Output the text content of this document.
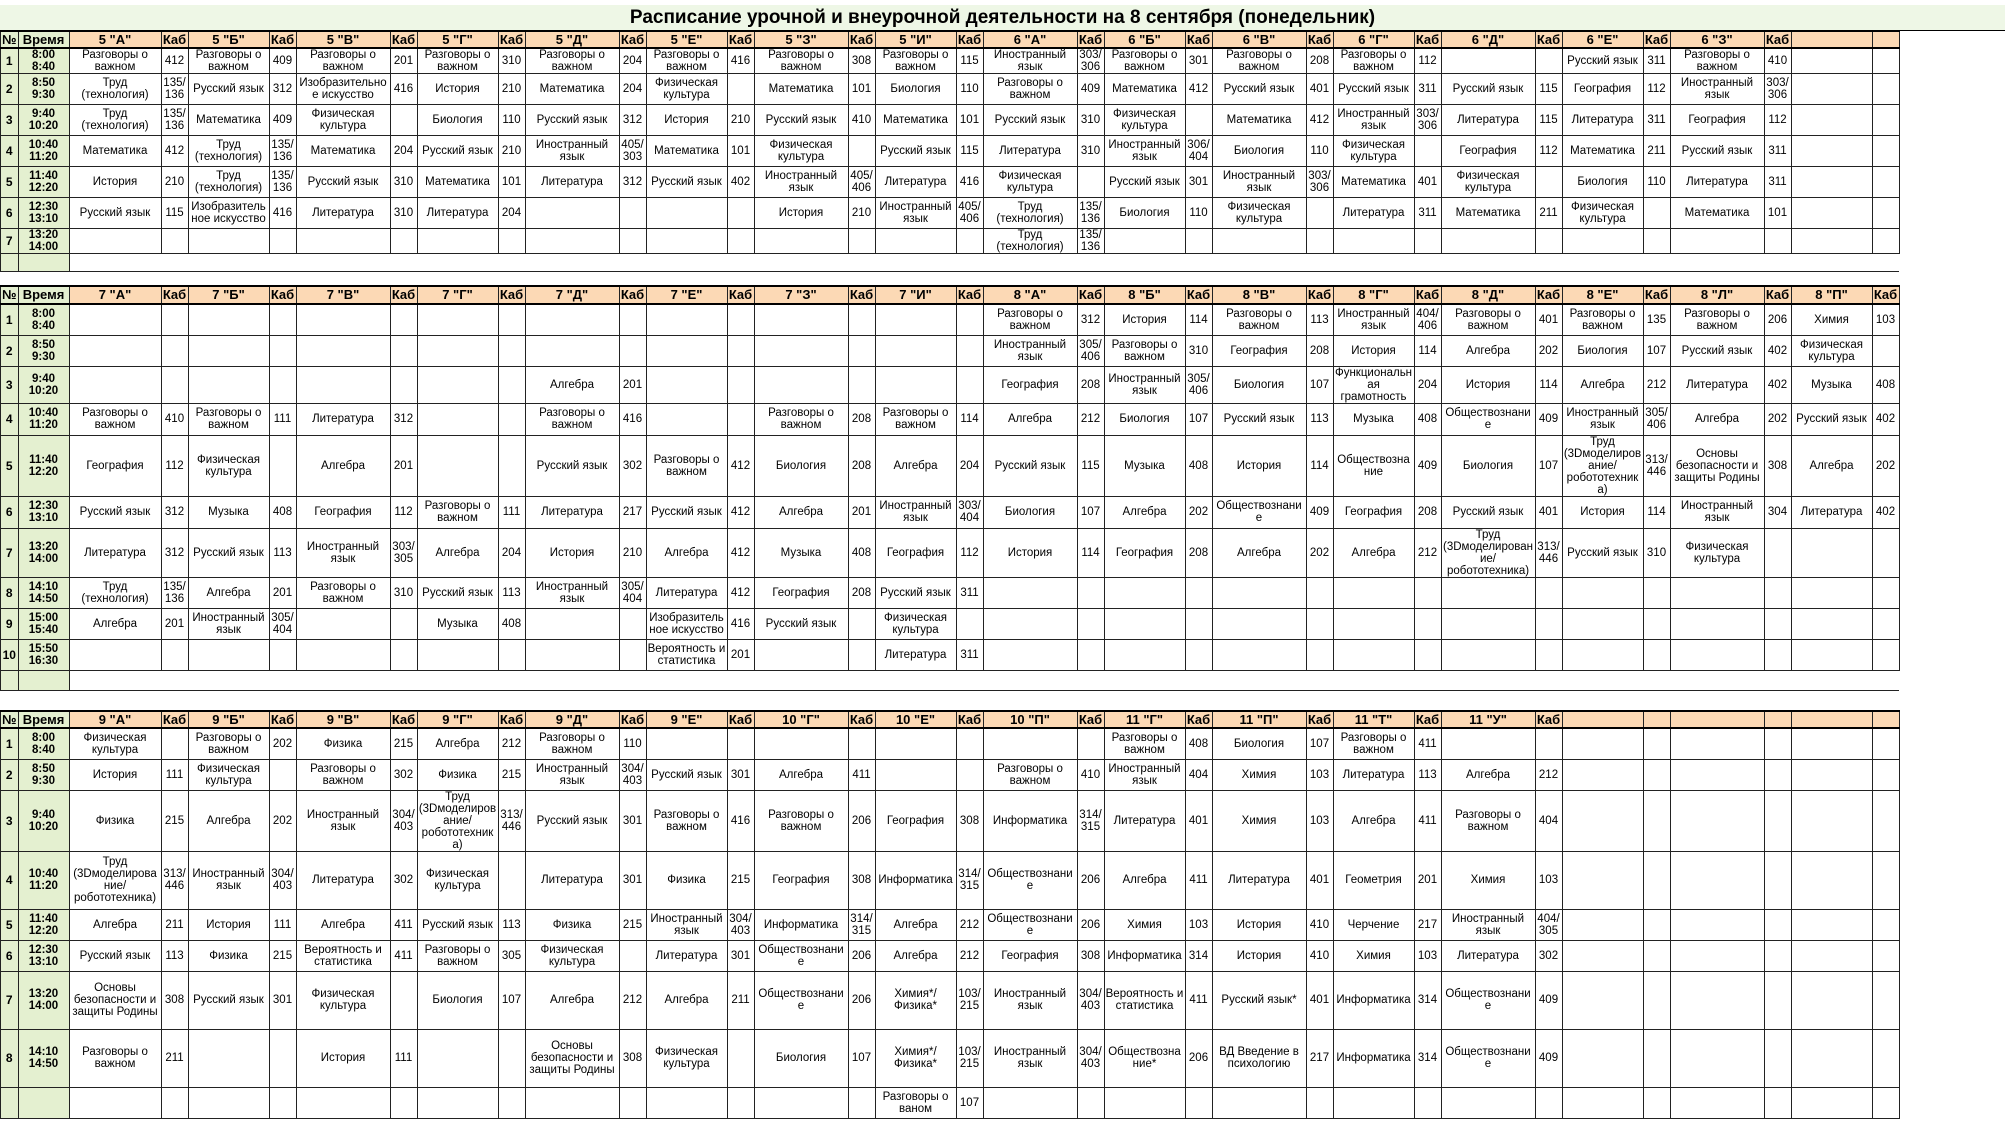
Расписание урочной и внеурочной деятельности на 8 сентября (понедельник)
№	Время	5 "А"	Каб	5 "Б"	Каб	5 "В"	Каб	5 "Г"	Каб	5 "Д"	Каб	5 "Е"	Каб	5 "З"	Каб	5 "И"	Каб	6 "А"	Каб	6 "Б"	Каб	6 "В"	Каб	6 "Г"	Каб	6 "Д"	Каб	6 "Е"	Каб	6 "З"	Каб		
1	8:00 8:40	Разговоры о важном	412	Разговоры о важном	409	Разговоры о важном	201	Разговоры о важном	310	Разговоры о важном	204	Разговоры о важном	416	Разговоры о важном	308	Разговоры о важном	115	Иностранный язык	303/ 306	Разговоры о важном	301	Разговоры о важном	208	Разговоры о важном	112			Русский язык	311	Разговоры о важном	410		
2	8:50 9:30	Труд (технология)	135/ 136	Русский язык	312	Изобразительное искусство	416	История	210	Математика	204	Физическая культура		Математика	101	Биология	110	Разговоры о важном	409	Математика	412	Русский язык	401	Русский язык	311	Русский язык	115	География	112	Иностранный язык	303/ 306		
3	9:40 10:20	Труд (технология)	135/ 136	Математика	409	Физическая культура		Биология	110	Русский язык	312	История	210	Русский язык	410	Математика	101	Русский язык	310	Физическая культура		Математика	412	Иностранный язык	303/ 306	Литература	115	Литература	311	География	112		
4	10:40 11:20	Математика	412	Труд (технология)	135/ 136	Математика	204	Русский язык	210	Иностранный язык	405/ 303	Математика	101	Физическая культура		Русский язык	115	Литература	310	Иностранный язык	306/ 404	Биология	110	Физическая культура		География	112	Математика	211	Русский язык	311		
5	11:40 12:20	История	210	Труд (технология)	135/ 136	Русский язык	310	Математика	101	Литература	312	Русский язык	402	Иностранный язык	405/ 406	Литература	416	Физическая культура		Русский язык	301	Иностранный язык	303/ 306	Математика	401	Физическая культура		Биология	110	Литература	311		
6	12:30 13:10	Русский язык	115	Изобразительное искусство	416	Литература	310	Литература	204					История	210	Иностранный язык	405/ 406	Труд (технология)	135/ 136	Биология	110	Физическая культура		Литература	311	Математика	211	Физическая культура		Математика	101		
7	13:20 14:00																	Труд (технология)	135/ 136														

№	Время	7 "А"	Каб	7 "Б"	Каб	7 "В"	Каб	7 "Г"	Каб	7 "Д"	Каб	7 "Е"	Каб	7 "З"	Каб	7 "И"	Каб	8 "А"	Каб	8 "Б"	Каб	8 "В"	Каб	8 "Г"	Каб	8 "Д"	Каб	8 "Е"	Каб	8 "Л"	Каб	8 "П"	Каб
1	8:00 8:40																	Разговоры о важном	312	История	114	Разговоры о важном	113	Иностранный язык	404/ 406	Разговоры о важном	401	Разговоры о важном	135	Разговоры о важном	206	Химия	103
2	8:50 9:30																	Иностранный язык	305/ 406	Разговоры о важном	310	География	208	История	114	Алгебра	202	Биология	107	Русский язык	402	Физическая культура	
3	9:40 10:20									Алгебра	201							География	208	Иностранный язык	305/ 406	Биология	107	Функциональная грамотность	204	История	114	Алгебра	212	Литература	402	Музыка	408
4	10:40 11:20	Разговоры о важном	410	Разговоры о важном	111	Литература	312			Разговоры о важном	416			Разговоры о важном	208	Разговоры о важном	114	Алгебра	212	Биология	107	Русский язык	113	Музыка	408	Обществознание	409	Иностранный язык	305/ 406	Алгебра	202	Русский язык	402
5	11:40 12:20	География	112	Физическая культура		Алгебра	201			Русский язык	302	Разговоры о важном	412	Биология	208	Алгебра	204	Русский язык	115	Музыка	408	История	114	Обществознание	409	Биология	107	Труд (3Dмоделирование/робототехника)	313/ 446	Основы безопасности и защиты Родины	308	Алгебра	202
6	12:30 13:10	Русский язык	312	Музыка	408	География	112	Разговоры о важном	111	Литература	217	Русский язык	412	Алгебра	201	Иностранный язык	303/ 404	Биология	107	Алгебра	202	Обществознание	409	География	208	Русский язык	401	История	114	Иностранный язык	304	Литература	402
7	13:20 14:00	Литература	312	Русский язык	113	Иностранный язык	303/ 305	Алгебра	204	История	210	Алгебра	412	Музыка	408	География	112	История	114	География	208	Алгебра	202	Алгебра	212	Труд (3Dмоделирование/робототехника)	313/ 446	Русский язык	310	Физическая культура			
8	14:10 14:50	Труд (технология)	135/ 136	Алгебра	201	Разговоры о важном	310	Русский язык	113	Иностранный язык	305/ 404	Литература	412	География	208	Русский язык	311																
9	15:00 15:40	Алгебра	201	Иностранный язык	305/ 404			Музыка	408			Изобразительное искусство	416	Русский язык		Физическая культура																	
10	15:50 16:30											Вероятность и статистика	201			Литература	311																

№	Время	9 "А"	Каб	9 "Б"	Каб	9 "В"	Каб	9 "Г"	Каб	9 "Д"	Каб	9 "Е"	Каб	10 "Г"	Каб	10 "Е"	Каб	10 "П"	Каб	11 "Г"	Каб	11 "П"	Каб	11 "Т"	Каб	11 "У"	Каб						
1	8:00 8:40	Физическая культура		Разговоры о важном	202	Физика	215	Алгебра	212	Разговоры о важном	110									Разговоры о важном	408	Биология	107	Разговоры о важном	411								
2	8:50 9:30	История	111	Физическая культура		Разговоры о важном	302	Физика	215	Иностранный язык	304/ 403	Русский язык	301	Алгебра	411			Разговоры о важном	410	Иностранный язык	404	Химия	103	Литература	113	Алгебра	212						
3	9:40 10:20	Физика	215	Алгебра	202	Иностранный язык	304/ 403	Труд (3Dмоделирование/робототехника)	313/ 446	Русский язык	301	Разговоры о важном	416	Разговоры о важном	206	География	308	Информатика	314/ 315	Литература	401	Химия	103	Алгебра	411	Разговоры о важном	404						
4	10:40 11:20	Труд (3Dмоделирование/робототехника)	313/ 446	Иностранный язык	304/ 403	Литература	302	Физическая культура		Литература	301	Физика	215	География	308	Информатика	314/ 315	Обществознание	206	Алгебра	411	Литература	401	Геометрия	201	Химия	103						
5	11:40 12:20	Алгебра	211	История	111	Алгебра	411	Русский язык	113	Физика	215	Иностранный язык	304/ 403	Информатика	314/ 315	Алгебра	212	Обществознание	206	Химия	103	История	410	Черчение	217	Иностранный язык	404/ 305						
6	12:30 13:10	Русский язык	113	Физика	215	Вероятность и статистика	411	Разговоры о важном	305	Физическая культура		Литература	301	Обществознание	206	Алгебра	212	География	308	Информатика	314	История	410	Химия	103	Литература	302						
7	13:20 14:00	Основы безопасности и защиты Родины	308	Русский язык	301	Физическая культура		Биология	107	Алгебра	212	Алгебра	211	Обществознание	206	Химия*/Физика*	103/ 215	Иностранный язык	304/ 403	Вероятность и статистика	411	Русский язык*	401	Информатика	314	Обществознание	409						
8	14:10 14:50	Разговоры о важном	211			История	111			Основы безопасности и защиты Родины	308	Физическая культура		Биология	107	Химия*/Физика*	103/ 215	Иностранный язык	304/ 403	Обществознание*	206	ВД Введение в психологию	217	Информатика	314	Обществознание	409						
																Разговоры о ваном	107																
